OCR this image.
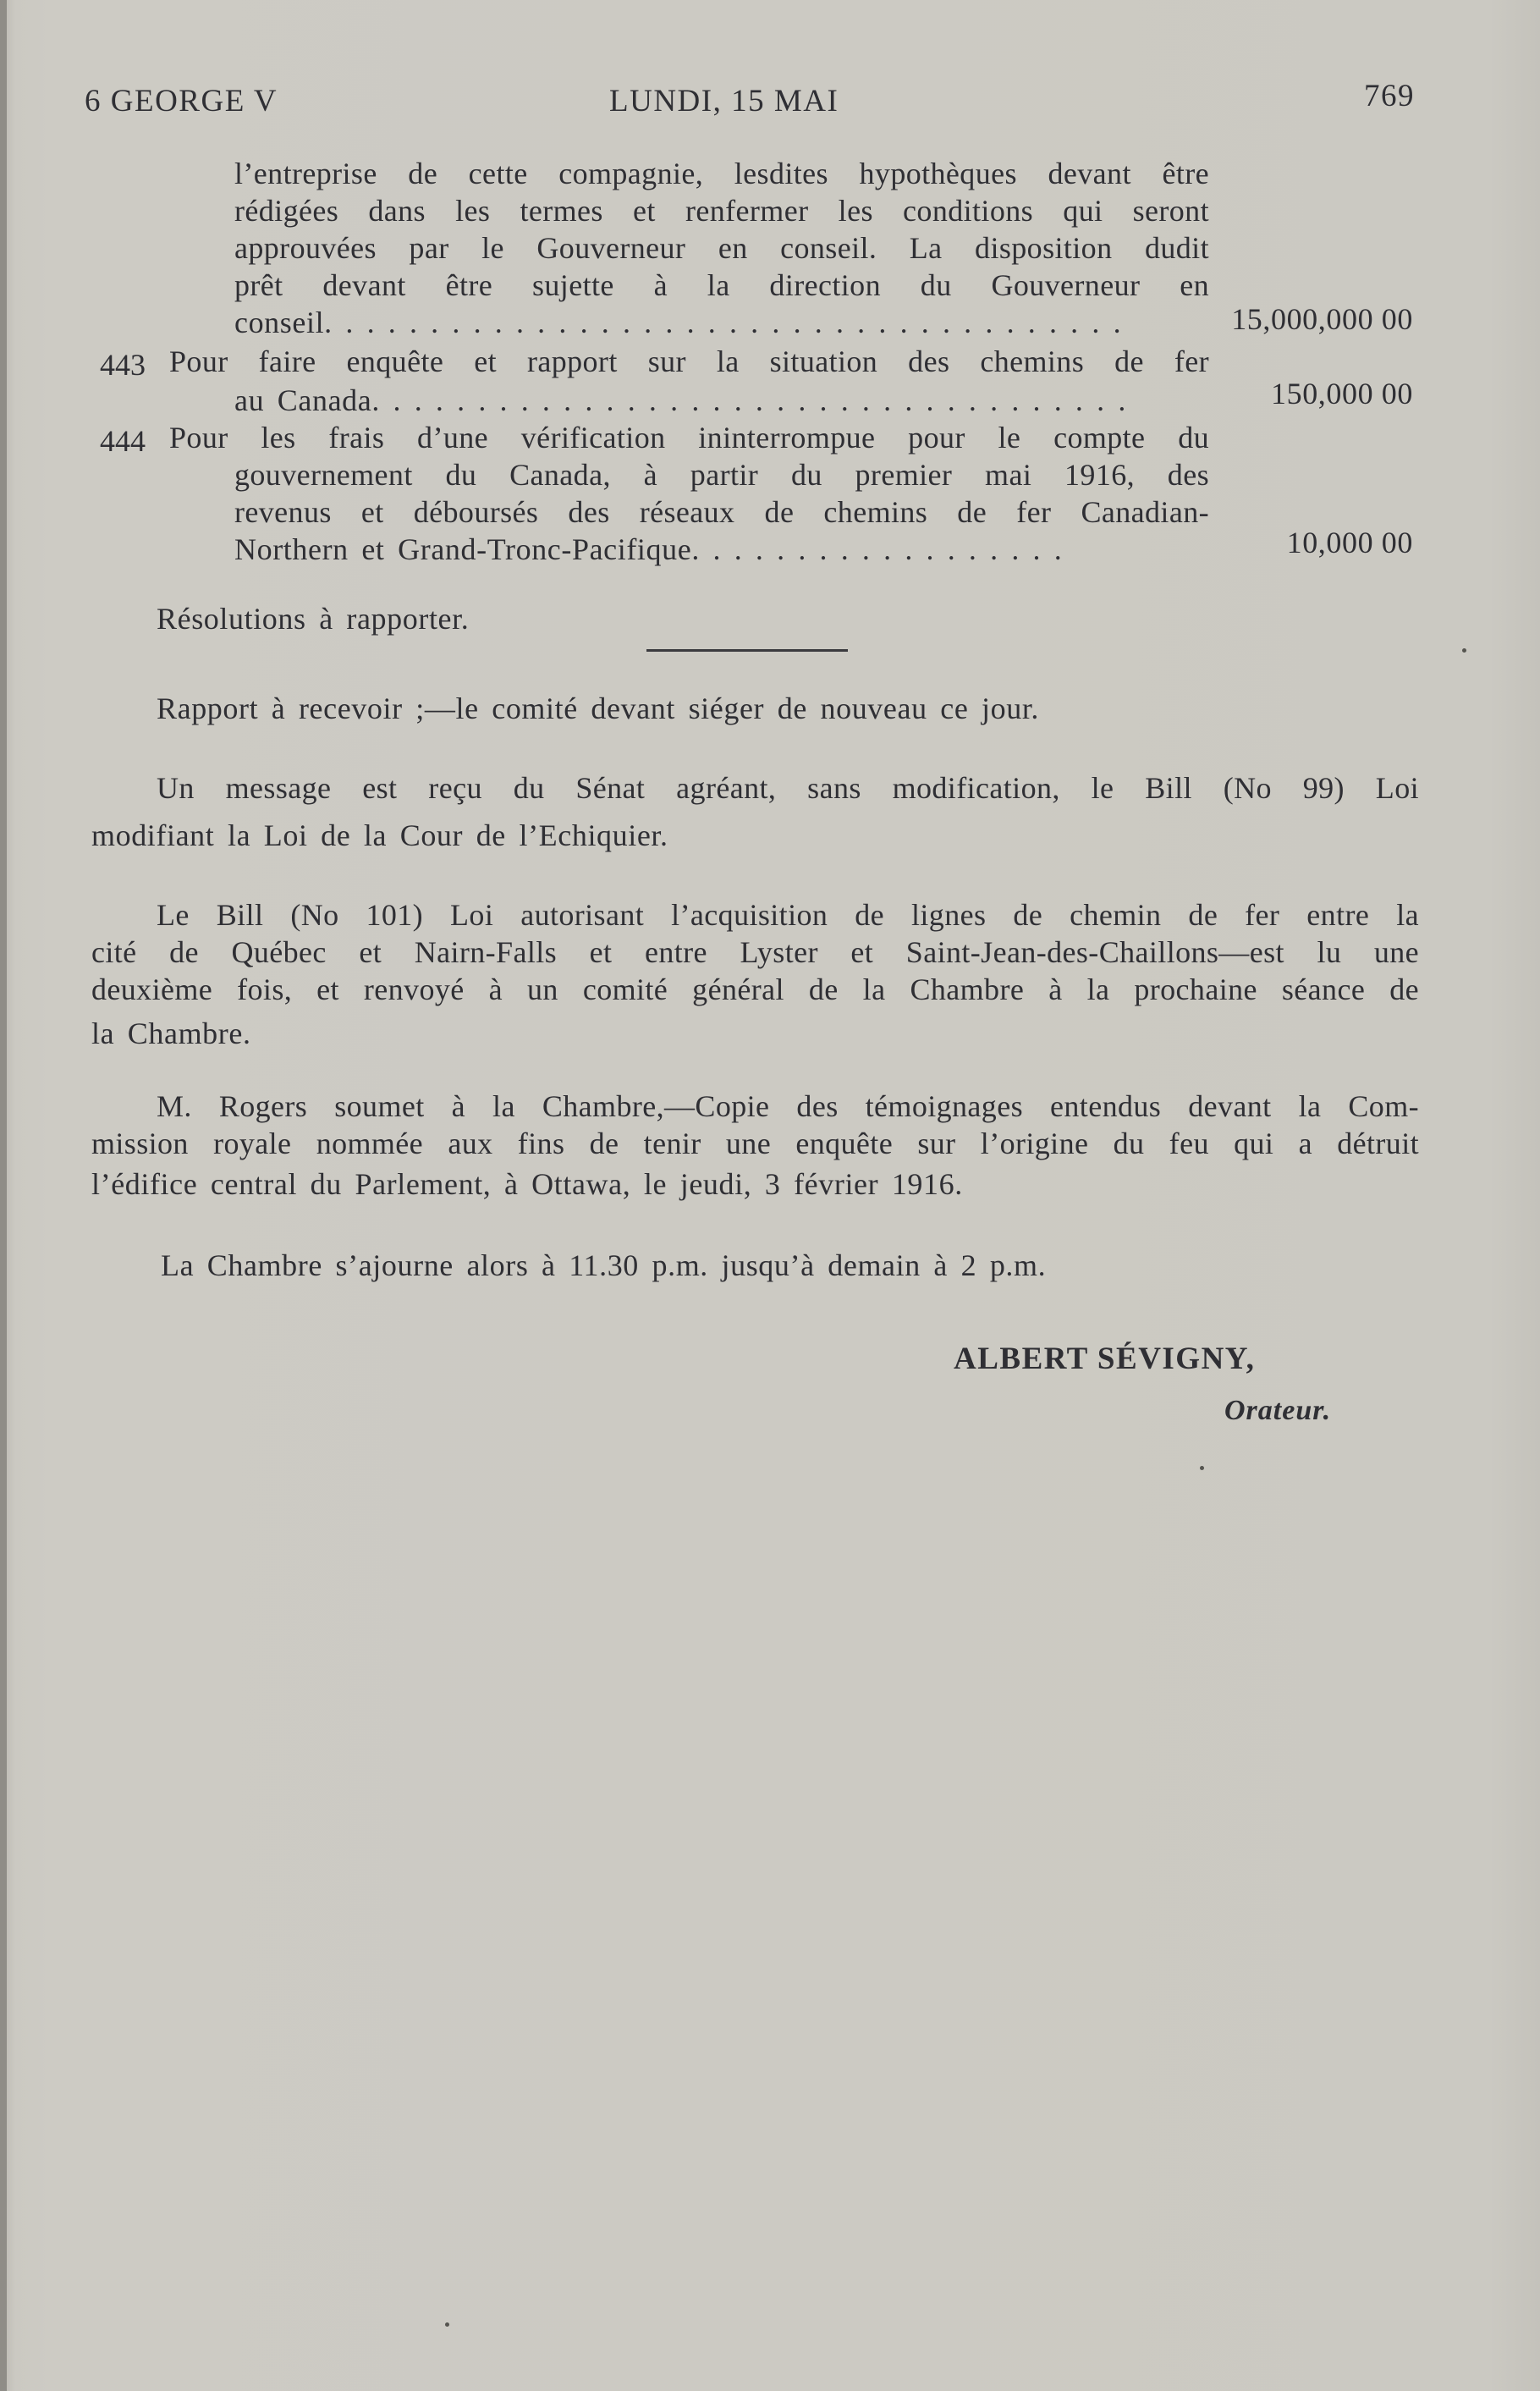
6 GEORGE V	LUNDI, 15 MAI	769
l’entreprise de cette compagnie, lesdites hypothèques devant être
rédigées dans les termes et renfermer les conditions qui seront
approuvées par le Gouverneur en conseil. La disposition dudit
prêt devant être sujette à la direction du Gouverneur en
conseil. . . . . . . . . . . . . . . . . . . . . . . . . . . . . . . . . . . . . .	15,000,000 00
443 Pour faire enquête et rapport sur la situation des chemins de fer
au Canada. . . . . . . . . . . . . . . . . . . . . . . . . . . . . . . . . . . .	150,000 00
444 Pour les frais d’une vérification ininterrompue pour le compte du
gouvernement du Canada, à partir du premier mai 1916, des
revenus et déboursés des réseaux de chemins de fer Canadian-
Northern et Grand-Tronc-Pacifique. . . . . . . . . . . . . . . . . .	10,000 00
Résolutions à rapporter.
Rapport à recevoir ;—le comité devant siéger de nouveau ce jour.
Un message est reçu du Sénat agréant, sans modification, le Bill (No 99) Loi
modifiant la Loi de la Cour de l’Echiquier.
Le Bill (No 101) Loi autorisant l’acquisition de lignes de chemin de fer entre la
cité de Québec et Nairn-Falls et entre Lyster et Saint-Jean-des-Chaillons—est lu une
deuxième fois, et renvoyé à un comité général de la Chambre à la prochaine séance de
la Chambre.
M. Rogers soumet à la Chambre,—Copie des témoignages entendus devant la Com-
mission royale nommée aux fins de tenir une enquête sur l’origine du feu qui a détruit
l’édifice central du Parlement, à Ottawa, le jeudi, 3 février 1916.
La Chambre s’ajourne alors à 11.30 p.m. jusqu’à demain à 2 p.m.
ALBERT SÉVIGNY,
Orateur.
